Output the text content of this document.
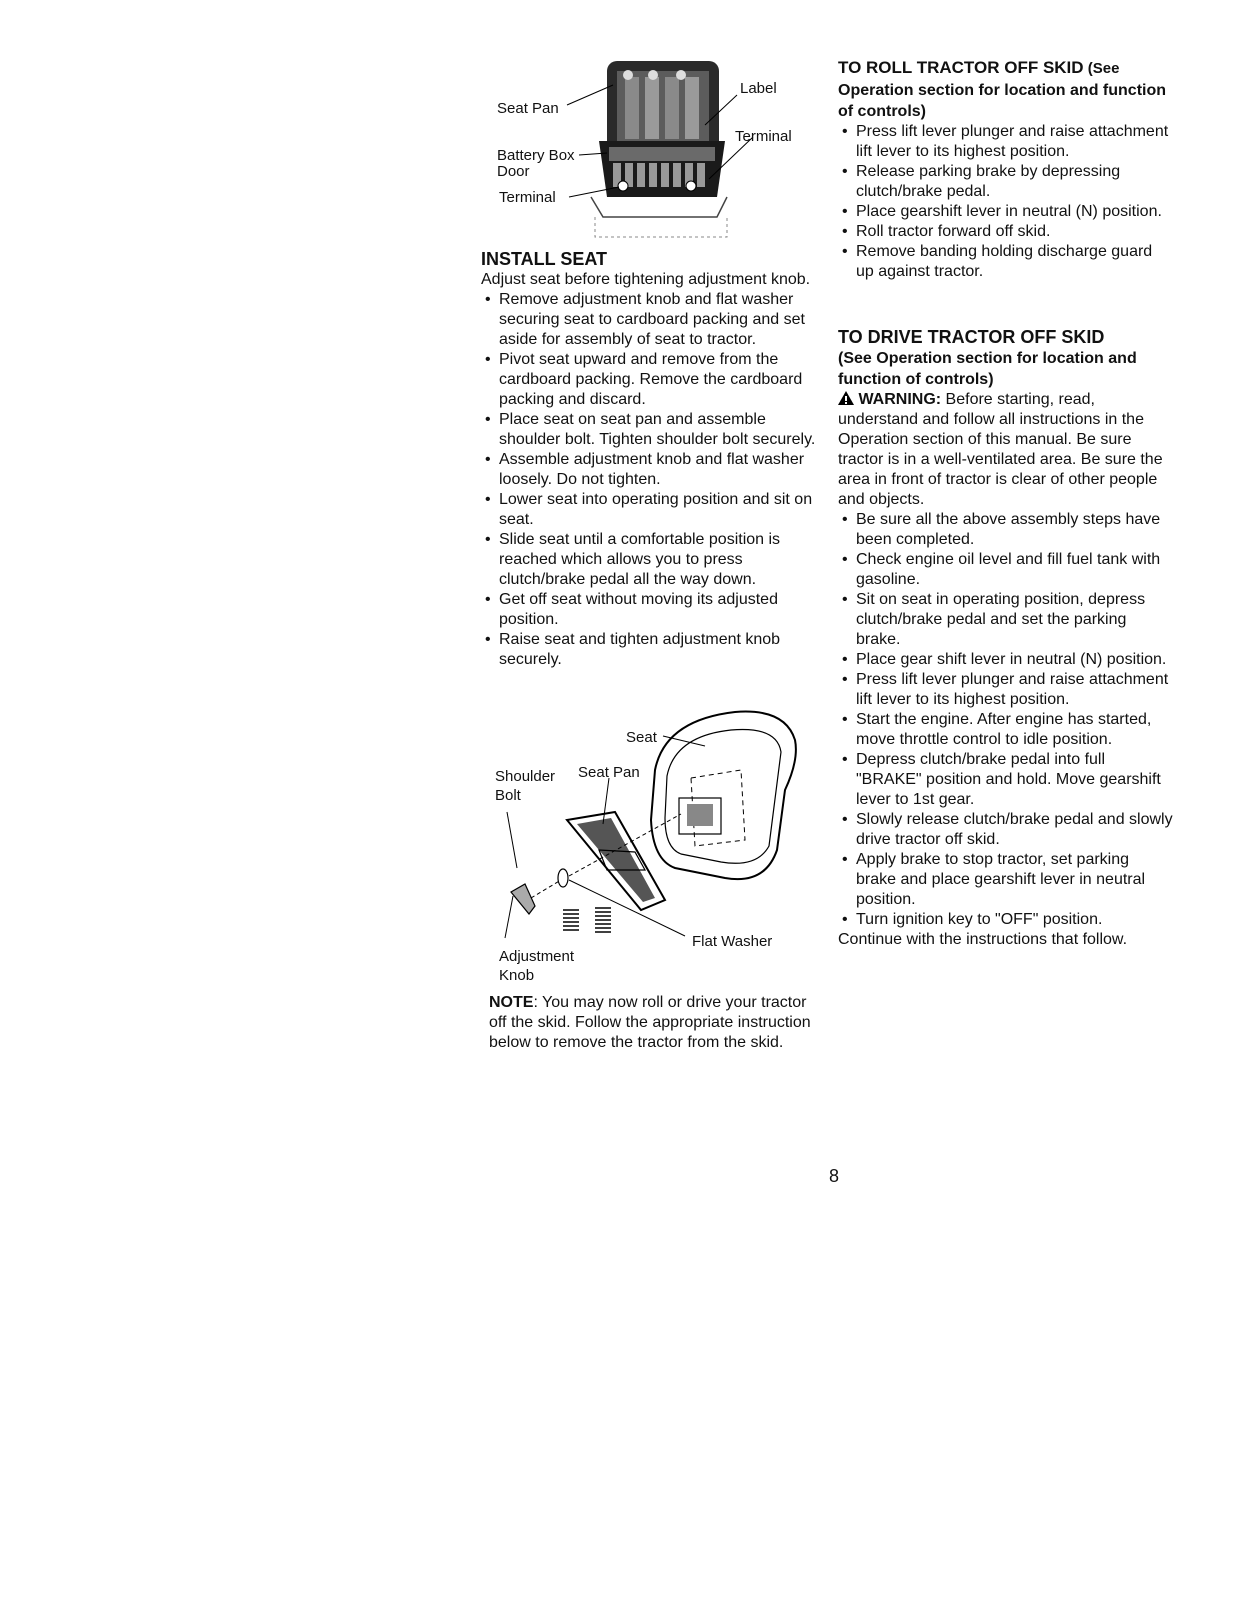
Seat Pan
Label
Terminal
Battery Box
Door
Terminal
INSTALL SEAT

Adjust seat before tightening adjustment knob.

• Remove adjustment knob and flat washer securing seat to cardboard packing and set aside for assembly of seat to tractor.
• Pivot seat upward and remove from the cardboard packing. Remove the cardboard packing and discard.
• Place seat on seat pan and assemble shoulder bolt. Tighten shoulder bolt securely.
• Assemble adjustment knob and flat washer loosely. Do not tighten.
• Lower seat into operating position and sit on seat.
• Slide seat until a comfortable position is reached which allows you to press clutch/brake pedal all the way down.
• Get off seat without moving its adjusted position.
• Raise seat and tighten adjustment knob securely.
Seat
Shoulder
Bolt
Seat Pan
Flat Washer
Adjustment
Knob

NOTE: You may now roll or drive your tractor off the skid. Follow the appropriate instruction below to remove the tractor from the skid.

TO ROLL TRACTOR OFF SKID (See

Operation section for location and function of controls)

• Press lift lever plunger and raise attachment lift lever to its highest position.
• Release parking brake by depressing clutch/brake pedal.
• Place gearshift lever in neutral (N) position.
• Roll tractor forward off skid.
• Remove banding holding discharge guard up against tractor.
TO DRIVE TRACTOR OFF SKID

(See Operation section for location and function of controls)

WARNING: Before starting, read, understand and follow all instructions in the Operation section of this manual. Be sure tractor is in a well-ventilated area. Be sure the area in front of tractor is clear of other people and objects.

• Be sure all the above assembly steps have been completed.
• Check engine oil level and fill fuel tank with gasoline.
• Sit on seat in operating position, depress clutch/brake pedal and set the parking brake.
• Place gear shift lever in neutral (N) position.
• Press lift lever plunger and raise attachment lift lever to its highest position.
• Start the engine. After engine has started, move throttle control to idle position.
• Depress clutch/brake pedal into full "BRAKE" position and hold. Move gearshift lever to 1st gear.
• Slowly release clutch/brake pedal and slowly drive tractor off skid.
• Apply brake to stop tractor, set parking brake and place gearshift lever in neutral position.
• Turn ignition key to "OFF" position.

Continue with the instructions that follow.

8
